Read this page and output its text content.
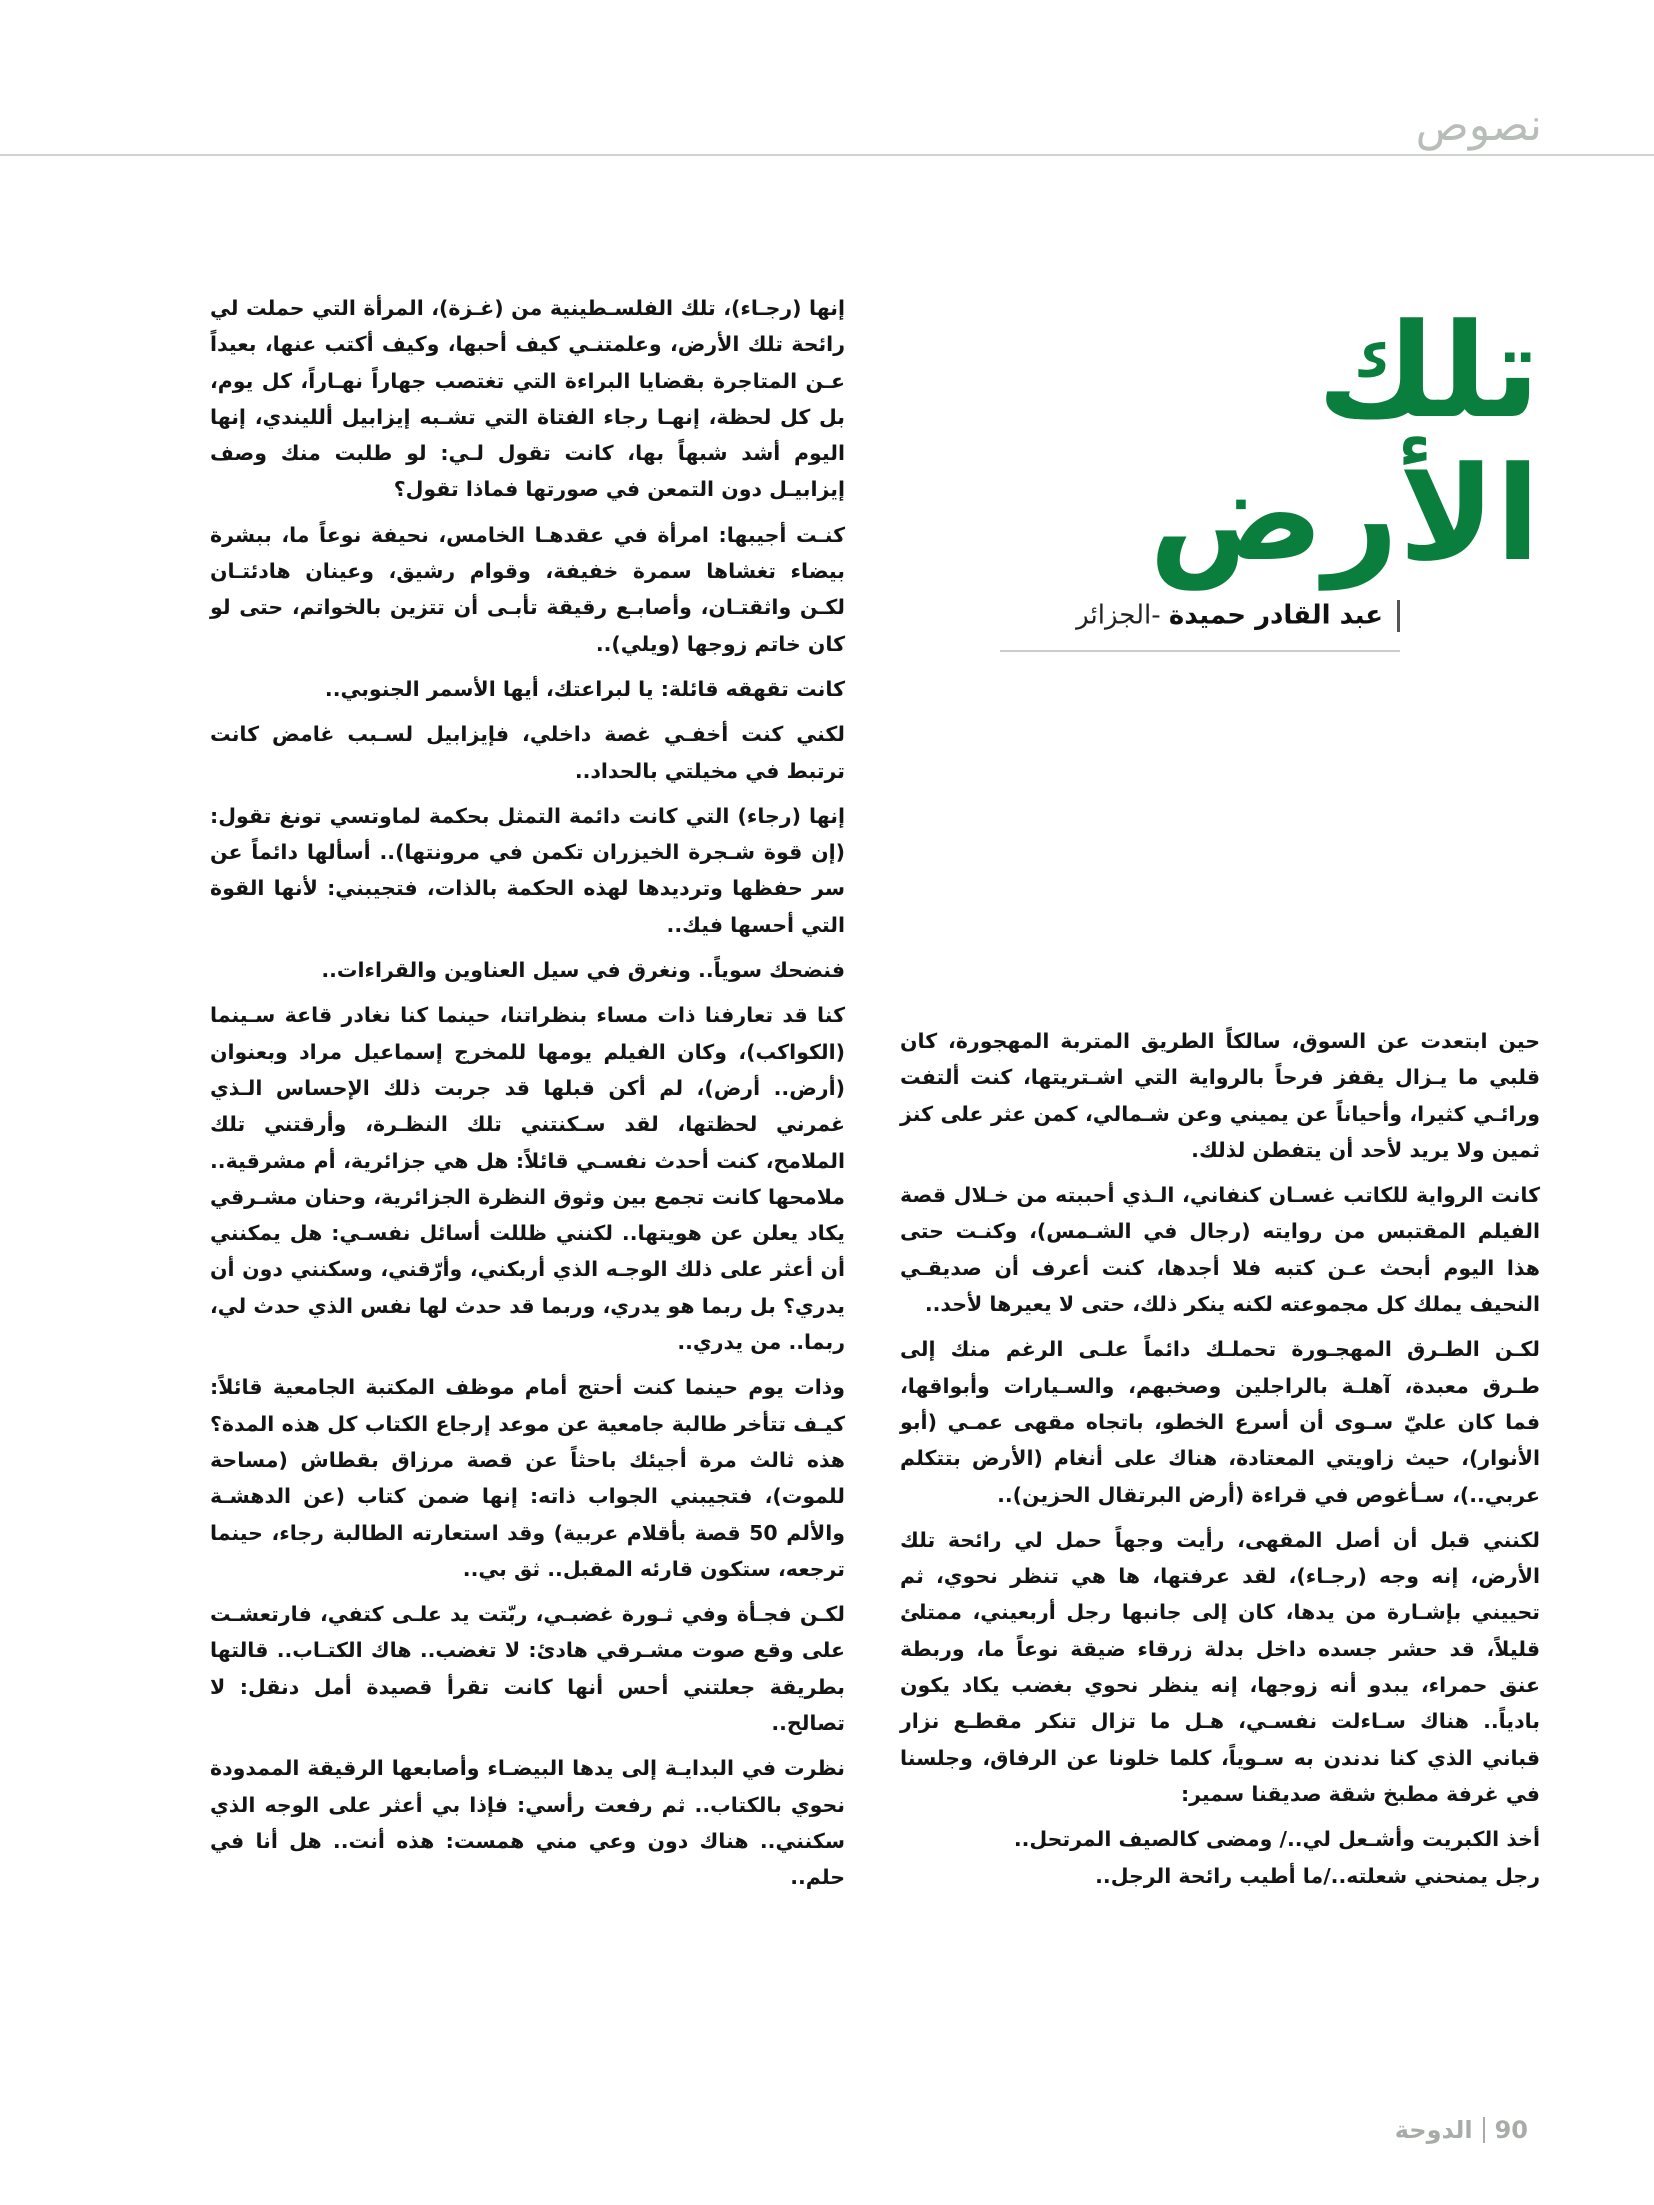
نصوص
تلك الأرض
عبد القادر حميدة -الجزائر

إنها (رجـاء)، تلك الفلسـطينية من (غـزة)، المرأة التي حملت لي رائحة تلك الأرض، وعلمتنـي كيف أحبها، وكيف أكتب عنها، بعيداً عـن المتاجرة بقضايا البراءة التي تغتصب جهاراً نهـاراً، كل يوم، بل كل لحظة، إنهـا رجاء الفتاة التي تشـبه إيزابيل ألليندي، إنها اليوم أشد شبهاً بها، كانت تقول لـي: لو طلبت منك وصف إيزابيـل دون التمعن في صورتها فماذا تقول؟

كنـت أجيبها: امرأة في عقدهـا الخامس، نحيفة نوعاً ما، ببشرة بيضاء تغشاها سمرة خفيفة، وقوام رشيق، وعينان هادئتـان لكـن واثقتـان، وأصابـع رقيقة تأبـى أن تتزين بالخواتم، حتى لو كان خاتم زوجها (ويلي)..

كانت تقهقه قائلة: يا لبراعتك، أيها الأسمر الجنوبي..

لكني كنت أخفـي غصة داخلي، فإيزابيل لسـبب غامض كانت ترتبط في مخيلتي بالحداد..

إنها (رجاء) التي كانت دائمة التمثل بحكمة لماوتسي تونغ تقول:(إن قوة شـجرة الخيزران تكمن في مرونتها).. أسألها دائماً عن سر حفظها وترديدها لهذه الحكمة بالذات، فتجيبني: لأنها القوة التي أحسها فيك..

فنضحك سوياً.. ونغرق في سيل العناوين والقراءات..

كنا قد تعارفنا ذات مساء بنظراتنا، حينما كنا نغادر قاعة سـينما (الكواكب)، وكان الفيلم يومها للمخرج إسماعيل مراد وبعنوان (أرض.. أرض)، لم أكن قبلها قد جربت ذلك الإحساس الـذي غمرني لحظتها، لقد سـكنتني تلك النظـرة، وأرقتني تلك الملامح، كنت أحدث نفسـي قائلاً: هل هي جزائرية، أم مشرقية.. ملامحها كانت تجمع بين وثوق النظرة الجزائرية، وحنان مشـرقي يكاد يعلن عن هويتها.. لكنني ظللت أسائل نفسـي: هل يمكنني أن أعثر على ذلك الوجـه الذي أربكني، وأرّقني، وسكنني دون أن يدري؟ بل ربما هو يدري، وربما قد حدث لها نفس الذي حدث لي، ربما.. من يدري..

وذات يوم حينما كنت أحتج أمام موظف المكتبة الجامعية قائلاً: كيـف تتأخر طالبة جامعية عن موعد إرجاع الكتاب كل هذه المدة؟ هذه ثالث مرة أجيئك باحثاً عن قصة مرزاق بقطاش (مساحة للموت)، فتجيبني الجواب ذاته: إنها ضمن كتاب (عن الدهشـة والألم 50 قصة بأقلام عربية) وقد استعارته الطالبة رجاء، حينما ترجعه، ستكون قارئه المقبل.. ثق بي..

لكـن فجـأة وفي ثـورة غضبـي، ربّتت يد علـى كتفي، فارتعشـت على وقع صوت مشـرقي هادئ: لا تغضب.. هاك الكتـاب.. قالتها بطريقة جعلتني أحس أنها كانت تقرأ قصيدة أمل دنقل: لا تصالح..

نظرت في البدايـة إلى يدها البيضـاء وأصابعها الرقيقة الممدودة نحوي بالكتاب.. ثم رفعت رأسي: فإذا بي أعثر على الوجه الذي سكنني.. هناك دون وعي مني همست: هذه أنت.. هل أنا في حلم..

حين ابتعدت عن السوق، سالكاً الطريق المتربة المهجورة، كان قلبي ما يـزال يقفز فرحاً بالرواية التي اشـتريتها، كنت ألتفت ورائـي كثيرا، وأحياناً عن يميني وعن شـمالي، كمن عثر على كنز ثمين ولا يريد لأحد أن يتفطن لذلك.

كانت الرواية للكاتب غسـان كنفاني، الـذي أحببته من خـلال قصة الفيلم المقتبس من روايته (رجال في الشـمس)، وكنـت حتى هذا اليوم أبحث عـن كتبه فلا أجدها، كنت أعرف أن صديقـي النحيف يملك كل مجموعته لكنه ينكر ذلك، حتى لا يعيرها لأحد..

لكـن الطـرق المهجـورة تحملـك دائماً علـى الرغم منك إلى طـرق معبدة، آهلـة بالراجلين وصخبهم، والسـيارات وأبواقها، فما كان عليّ سـوى أن أسرع الخطو، باتجاه مقهى عمـي (أبو الأنوار)، حيث زاويتي المعتادة، هناك على أنغام (الأرض بتتكلم عربي..)، سـأغوص في قراءة (أرض البرتقال الحزين)..

لكنني قبل أن أصل المقهى، رأيت وجهاً حمل لي رائحة تلك الأرض، إنه وجه (رجـاء)، لقد عرفتها، ها هي تنظر نحوي، ثم تحييني بإشـارة من يدها، كان إلى جانبها رجل أربعيني، ممتلئ قليلاً، قد حشر جسده داخل بدلة زرقاء ضيقة نوعاً ما، وربطة عنق حمراء، يبدو أنه زوجها، إنه ينظر نحوي بغضب يكاد يكون بادياً.. هناك سـاءلت نفسـي، هـل ما تزال تنكر مقطـع نزار قباني الذي كنا ندندن به سـوياً، كلما خلونا عن الرفاق، وجلسنا في غرفة مطبخ شقة صديقنا سمير:

أخذ الكبريت وأشـعل لي../ ومضى كالصيف المرتحل..

رجل يمنحني شعلته../ما أطيب رائحة الرجل..

90
الدوحة
